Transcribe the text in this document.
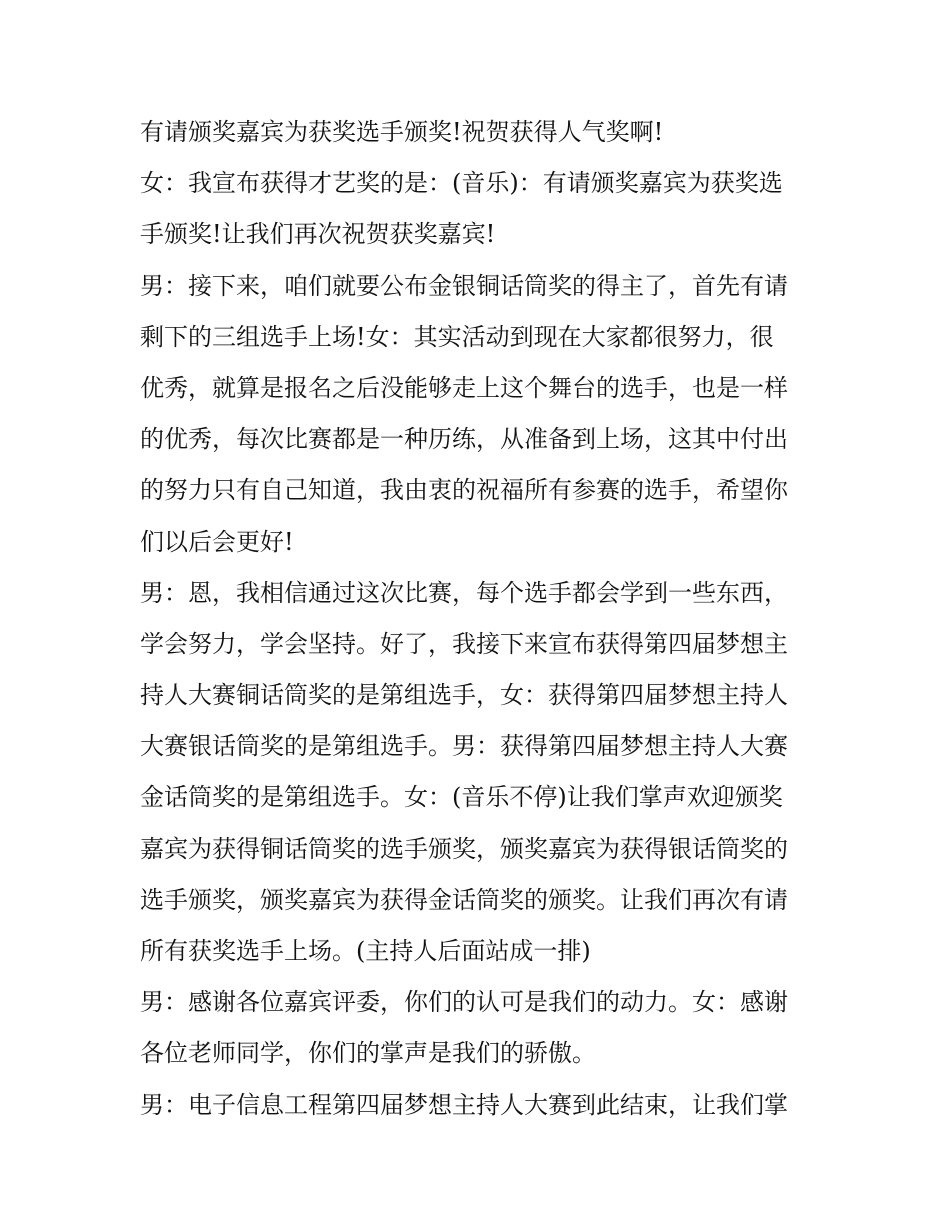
有请颁奖嘉宾为获奖选手颁奖!祝贺获得人气奖啊!
女：我宣布获得才艺奖的是：(音乐)：有请颁奖嘉宾为获奖选
手颁奖!让我们再次祝贺获奖嘉宾!
男：接下来，咱们就要公布金银铜话筒奖的得主了，首先有请
剩下的三组选手上场!女：其实活动到现在大家都很努力，很
优秀，就算是报名之后没能够走上这个舞台的选手，也是一样
的优秀，每次比赛都是一种历练，从准备到上场，这其中付出
的努力只有自己知道，我由衷的祝福所有参赛的选手，希望你
们以后会更好!
男：恩，我相信通过这次比赛，每个选手都会学到一些东西，
学会努力，学会坚持。好了，我接下来宣布获得第四届梦想主
持人大赛铜话筒奖的是第组选手，女：获得第四届梦想主持人
大赛银话筒奖的是第组选手。男：获得第四届梦想主持人大赛
金话筒奖的是第组选手。女：(音乐不停)让我们掌声欢迎颁奖
嘉宾为获得铜话筒奖的选手颁奖，颁奖嘉宾为获得银话筒奖的
选手颁奖，颁奖嘉宾为获得金话筒奖的颁奖。让我们再次有请
所有获奖选手上场。(主持人后面站成一排)
男：感谢各位嘉宾评委，你们的认可是我们的动力。女：感谢
各位老师同学，你们的掌声是我们的骄傲。
男：电子信息工程第四届梦想主持人大赛到此结束，让我们掌
